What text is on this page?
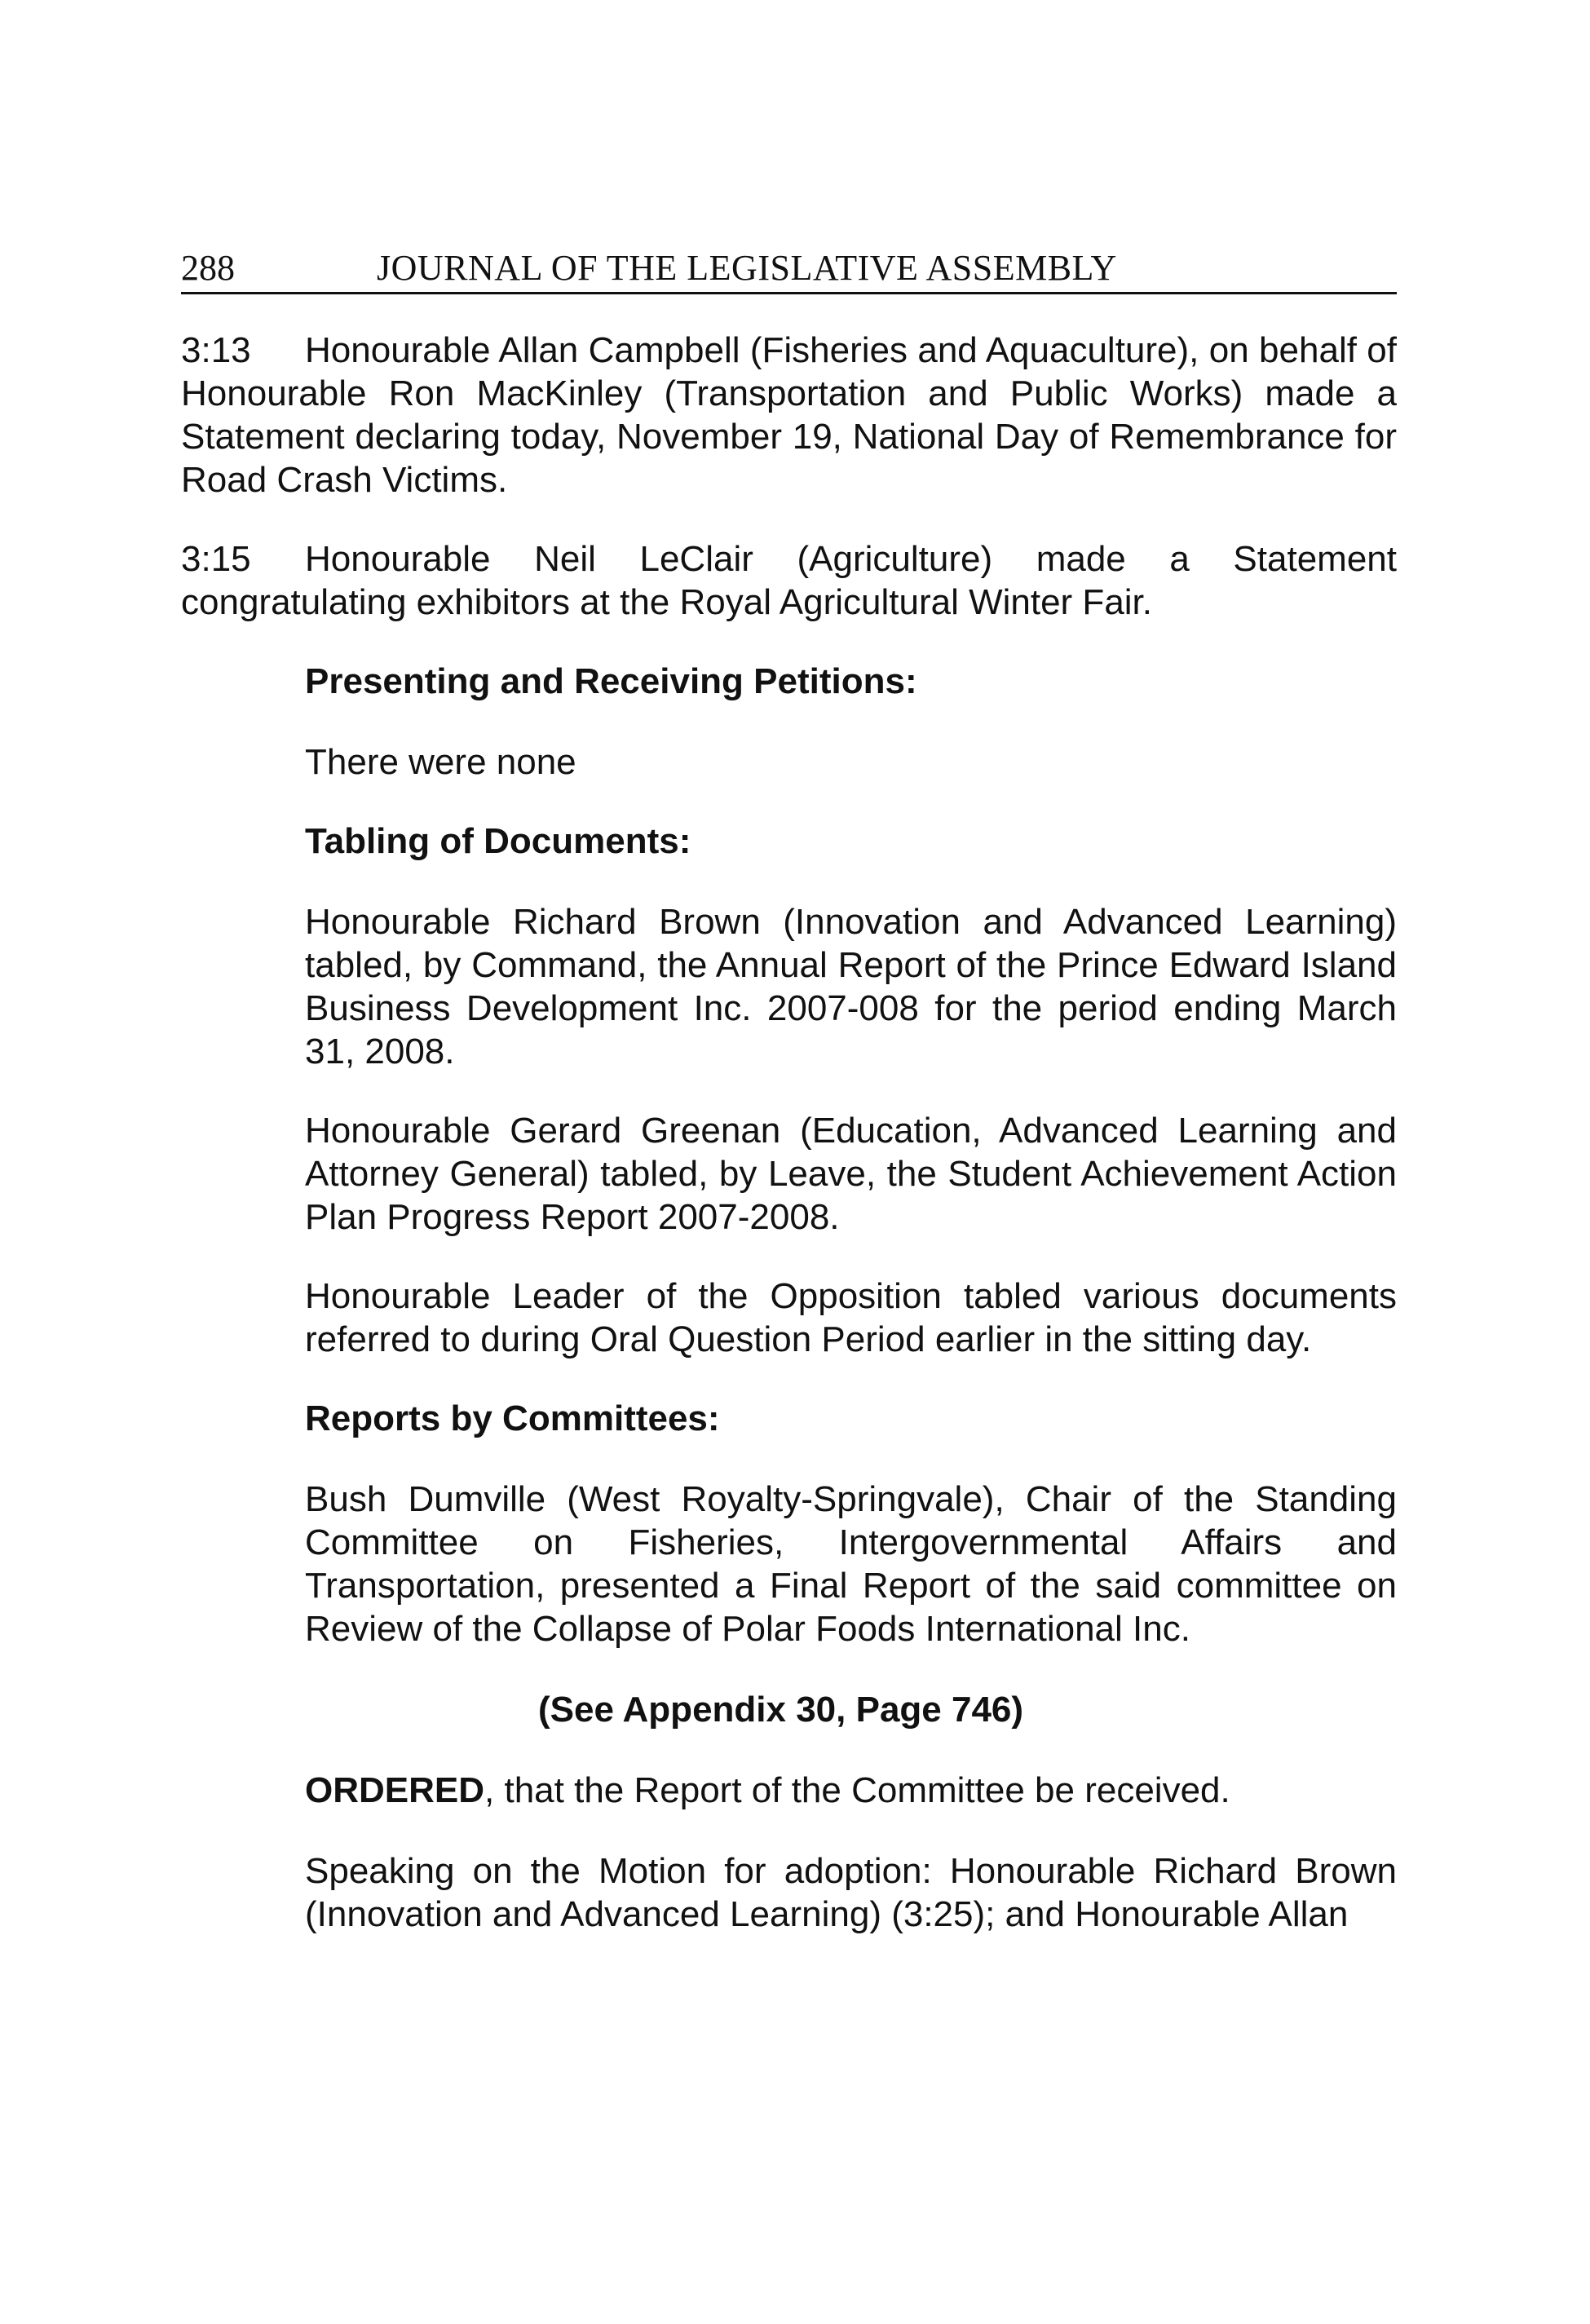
288	JOURNAL OF THE LEGISLATIVE ASSEMBLY
3:13 Honourable Allan Campbell (Fisheries and Aquaculture), on behalf of Honourable Ron MacKinley (Transportation and Public Works) made a Statement declaring today, November 19, National Day of Remembrance for Road Crash Victims.
3:15 Honourable Neil LeClair (Agriculture) made a Statement congratulating exhibitors at the Royal Agricultural Winter Fair.
Presenting and Receiving Petitions:
There were none
Tabling of Documents:
Honourable Richard Brown (Innovation and Advanced Learning) tabled, by Command, the Annual Report of the Prince Edward Island Business Development Inc. 2007-008 for the period ending March 31, 2008.
Honourable Gerard Greenan (Education, Advanced Learning and Attorney General) tabled, by Leave, the Student Achievement Action Plan Progress Report 2007-2008.
Honourable Leader of the Opposition tabled various documents referred to during Oral Question Period earlier in the sitting day.
Reports by Committees:
Bush Dumville (West Royalty-Springvale), Chair of the Standing Committee on Fisheries, Intergovernmental Affairs and Transportation, presented a Final Report of the said committee on Review of the Collapse of Polar Foods International Inc.
(See Appendix 30, Page 746)
ORDERED, that the Report of the Committee be received.
Speaking on the Motion for adoption: Honourable Richard Brown (Innovation and Advanced Learning) (3:25); and Honourable Allan
